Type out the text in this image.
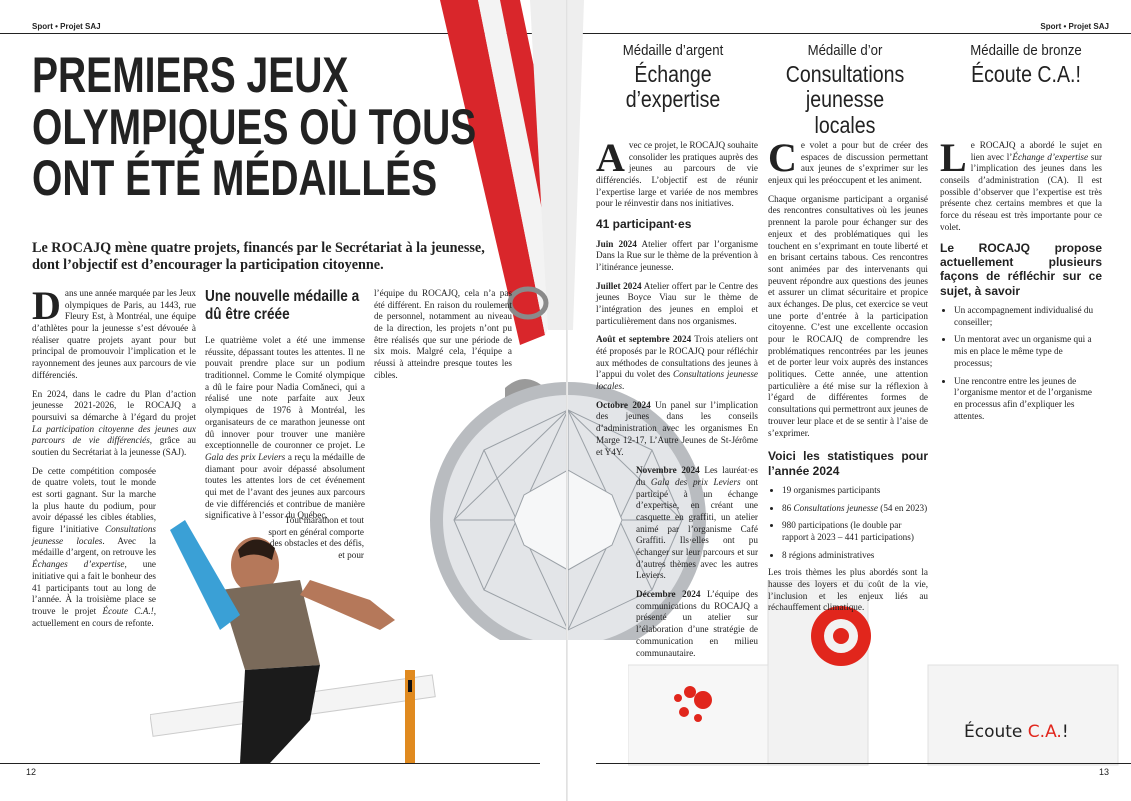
Sport • Projet SAJ
PREMIERS JEUX OLYMPIQUES OÙ TOUS ONT ÉTÉ MÉDAILLÉS
Le ROCAJQ mène quatre projets, financés par le Secrétariat à la jeunesse, dont l’objectif est d’encourager la participation citoyenne.

Dans une année marquée par les Jeux olympiques de Paris, au 1443, rue Fleury Est, à Montréal, une équipe d’athlètes pour la jeunesse s’est dévouée à réaliser quatre projets ayant pour but principal de promouvoir l’implication et le rayonnement des jeunes aux parcours de vie différenciés.

En 2024, dans le cadre du Plan d’action jeunesse 2021-2026, le ROCAJQ a poursuivi sa démarche à l’égard du projet La participation citoyenne des jeunes aux parcours de vie différenciés, grâce au soutien du Secrétariat à la jeunesse (SAJ).

De cette compétition composée de quatre volets, tout le monde est sorti gagnant. Sur la marche la plus haute du podium, pour avoir dépassé les cibles établies, figure l’initiative Consultations jeunesse locales. Avec la médaille d’argent, on retrouve les Échanges d’expertise, une initiative qui a fait le bonheur des 41 participants tout au long de l’année. À la troisième place se trouve le projet Écoute C.A.!, actuellement en cours de refonte.

Une nouvelle médaille a dû être créée

Le quatrième volet a été une immense réussite, dépassant toutes les attentes. Il ne pouvait prendre place sur un podium traditionnel. Comme le Comité olympique a dû le faire pour Nadia Comăneci, qui a réalisé une note parfaite aux Jeux olympiques de 1976 à Montréal, les organisateurs de ce marathon jeunesse ont dû innover pour trouver une manière exceptionnelle de couronner ce projet. Le Gala des prix Leviers a reçu la médaille de diamant pour avoir dépassé absolument toutes les attentes lors de cet événement qui met de l’avant des jeunes aux parcours de vie différenciés et contribue de manière significative à l’essor du Québec.

Tout marathon et tout sport en général comporte des obstacles et des défis, et pour

l’équipe du ROCAJQ, cela n’a pas été différent. En raison du roulement de personnel, notamment au niveau de la direction, les projets n’ont pu être réalisés que sur une période de six mois. Malgré cela, l’équipe a réussi à atteindre presque toutes les cibles.

12
Sport • Projet SAJ
Écoute C.A.!
Médaille d’argent
Échange d’expertise
Médaille d’or
Consultations jeunesse locales
Médaille de bronze
Écoute C.A.!

Avec ce projet, le ROCAJQ souhaite consolider les pratiques auprès des jeunes au parcours de vie différenciés. L’objectif est de réunir l’expertise large et variée de nos membres pour le réinvestir dans nos initiatives.

41 participant·es

Juin 2024 Atelier offert par l’organisme Dans la Rue sur le thème de la prévention à l’itinérance jeunesse.

Juillet 2024 Atelier offert par le Centre des jeunes Boyce Viau sur le thème de l’intégration des jeunes en emploi et particulièrement dans nos organismes.

Août et septembre 2024 Trois ateliers ont été proposés par le ROCAJQ pour réfléchir aux méthodes de consultations des jeunes à l’appui du volet des Consultations jeunesse locales.

Octobre 2024 Un panel sur l’implication des jeunes dans les conseils d’administration avec les organismes En Marge 12-17, L’Autre Jeunes de St-Jérôme et Y4Y.

Novembre 2024 Les lauréat·es du Gala des prix Leviers ont participé à un échange d’expertise, en créant une casquette en graffiti, un atelier animé par l’organisme Café Graffiti. Ils·elles ont pu échanger sur leur parcours et sur d’autres thèmes avec les autres Leviers.

Décembre 2024 L’équipe des communications du ROCAJQ a présenté un atelier sur l’élaboration d’une stratégie de communication en milieu communautaire.

Ce volet a pour but de créer des espaces de discussion permettant aux jeunes de s’exprimer sur les enjeux qui les préoccupent et les animent.

Chaque organisme participant a organisé des rencontres consultatives où les jeunes prennent la parole pour échanger sur des enjeux et des problématiques qui les touchent en s’exprimant en toute liberté et en brisant certains tabous. Ces rencontres sont animées par des intervenants qui peuvent répondre aux questions des jeunes et assurer un climat sécuritaire et propice aux échanges. De plus, cet exercice se veut une porte d’entrée à la participation citoyenne. C’est une excellente occasion pour le ROCAJQ de comprendre les problématiques rencontrées par les jeunes et de porter leur voix auprès des instances politiques. Cette année, une attention particulière a été mise sur la réflexion à l’égard de différentes formes de consultations qui permettront aux jeunes de trouver leur place et de se sentir à l’aise de s’exprimer.

Voici les statistiques pour l’année 2024
• 19 organismes participants
• 86 Consultations jeunesse (54 en 2023)
• 980 participations (le double par rapport à 2023 – 441 participations)
• 8 régions administratives

Les trois thèmes les plus abordés sont la hausse des loyers et du coût de la vie, l’inclusion et les enjeux liés au réchauffement climatique.

Le ROCAJQ a abordé le sujet en lien avec l’Échange d’expertise sur l’implication des jeunes dans les conseils d’administration (CA). Il est possible d’observer que l’expertise est très présente chez certains membres et que la force du réseau est très importante pour ce volet.

Le ROCAJQ propose actuellement plusieurs façons de réfléchir sur ce sujet, à savoir
• Un accompagnement individualisé du conseiller;
• Un mentorat avec un organisme qui a mis en place le même type de processus;
• Une rencontre entre les jeunes de l’organisme mentor et de l’organisme en processus afin d’expliquer les attentes.
13
